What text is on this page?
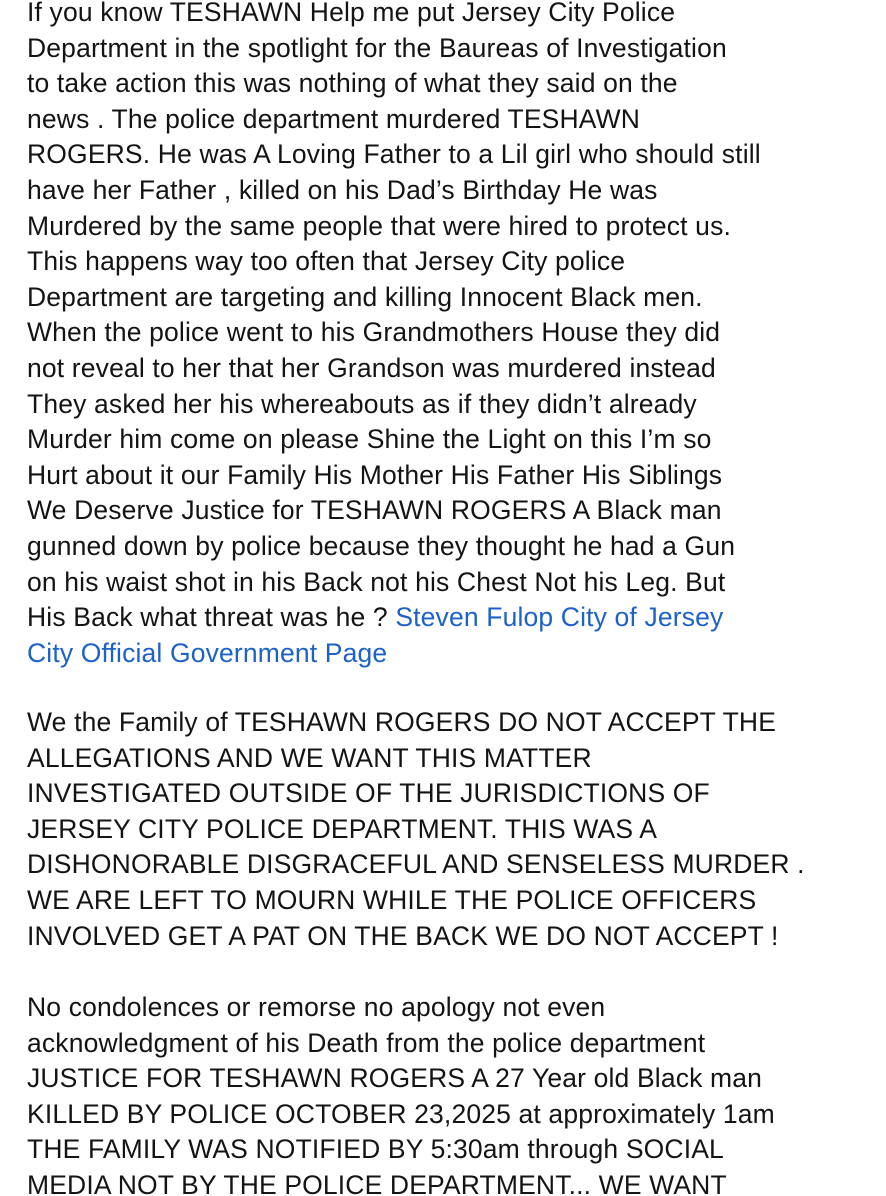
If you know TESHAWN Help me put Jersey City Police
Department in the spotlight for the Baureas of Investigation
to take action this was nothing of what they said on the
news . The police department murdered TESHAWN
ROGERS. He was A Loving Father to a Lil girl who should still
have her Father , killed on his Dad’s Birthday He was
Murdered by the same people that were hired to protect us.
This happens way too often that Jersey City police
Department are targeting and killing Innocent Black men.
When the police went to his Grandmothers House they did
not reveal to her that her Grandson was murdered instead
They asked her his whereabouts as if they didn’t already
Murder him come on please Shine the Light on this I’m so
Hurt about it our Family His Mother His Father His Siblings
We Deserve Justice for TESHAWN ROGERS A Black man
gunned down by police because they thought he had a Gun
on his waist shot in his Back not his Chest Not his Leg. But
His Back what threat was he ? Steven Fulop City of Jersey
City Official Government Page
We the Family of TESHAWN ROGERS DO NOT ACCEPT THE
ALLEGATIONS AND WE WANT THIS MATTER
INVESTIGATED OUTSIDE OF THE JURISDICTIONS OF
JERSEY CITY POLICE DEPARTMENT. THIS WAS A
DISHONORABLE DISGRACEFUL AND SENSELESS MURDER .
WE ARE LEFT TO MOURN WHILE THE POLICE OFFICERS
INVOLVED GET A PAT ON THE BACK WE DO NOT ACCEPT !
No condolences or remorse no apology not even
acknowledgment of his Death from the police department
JUSTICE FOR TESHAWN ROGERS A 27 Year old Black man
KILLED BY POLICE OCTOBER 23,2025 at approximately 1am
THE FAMILY WAS NOTIFIED BY 5:30am through SOCIAL
MEDIA NOT BY THE POLICE DEPARTMENT... WE WANT
